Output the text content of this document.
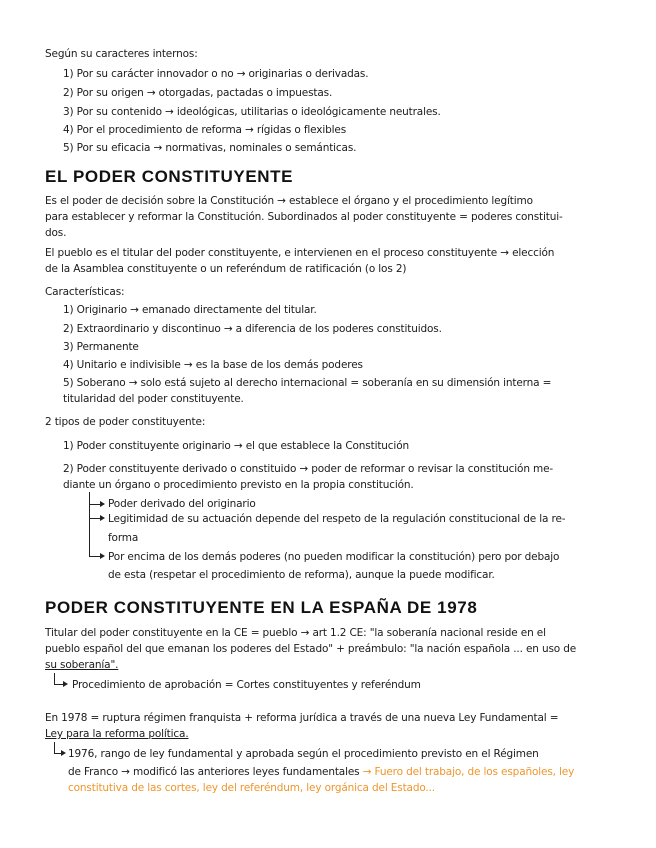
Según su caracteres internos:
1) Por su carácter innovador o no → originarias o derivadas.
2) Por su origen → otorgadas, pactadas o impuestas.
3) Por su contenido → ideológicas, utilitarias o ideológicamente neutrales.
4) Por el procedimiento de reforma → rígidas o flexibles
5) Por su eficacia → normativas, nominales o semánticas.
EL PODER CONSTITUYENTE
Es el poder de decisión sobre la Constitución → establece el órgano y el procedimiento legítimo
para establecer y reformar la Constitución. Subordinados al poder constituyente = poderes constitui-
dos.
El pueblo es el titular del poder constituyente, e intervienen en el proceso constituyente → elección
de la Asamblea constituyente o un referéndum de ratificación (o los 2)
Características:
1) Originario → emanado directamente del titular.
2) Extraordinario y discontinuo → a diferencia de los poderes constituidos.
3) Permanente
4) Unitario e indivisible → es la base de los demás poderes
5) Soberano → solo está sujeto al derecho internacional = soberanía en su dimensión interna =
titularidad del poder constituyente.
2 tipos de poder constituyente:
1) Poder constituyente originario → el que establece la Constitución
2) Poder constituyente derivado o constituido → poder de reformar o revisar la constitución me-
diante un órgano o procedimiento previsto en la propia constitución.
Poder derivado del originario
Legitimidad de su actuación depende del respeto de la regulación constitucional de la re-
forma
Por encima de los demás poderes (no pueden modificar la constitución) pero por debajo
de esta (respetar el procedimiento de reforma), aunque la puede modificar.
PODER CONSTITUYENTE EN LA ESPAÑA DE 1978
Titular del poder constituyente en la CE = pueblo → art 1.2 CE: "la soberanía nacional reside en el
pueblo español del que emanan los poderes del Estado" + preámbulo: "la nación española ... en uso de
su soberanía".
Procedimiento de aprobación = Cortes constituyentes y referéndum
En 1978 = ruptura régimen franquista + reforma jurídica a través de una nueva Ley Fundamental =
Ley para la reforma política.
1976, rango de ley fundamental y aprobada según el procedimiento previsto en el Régimen
de Franco → modificó las anteriores leyes fundamentales → Fuero del trabajo, de los españoles, ley
constitutiva de las cortes, ley del referéndum, ley orgánica del Estado...
